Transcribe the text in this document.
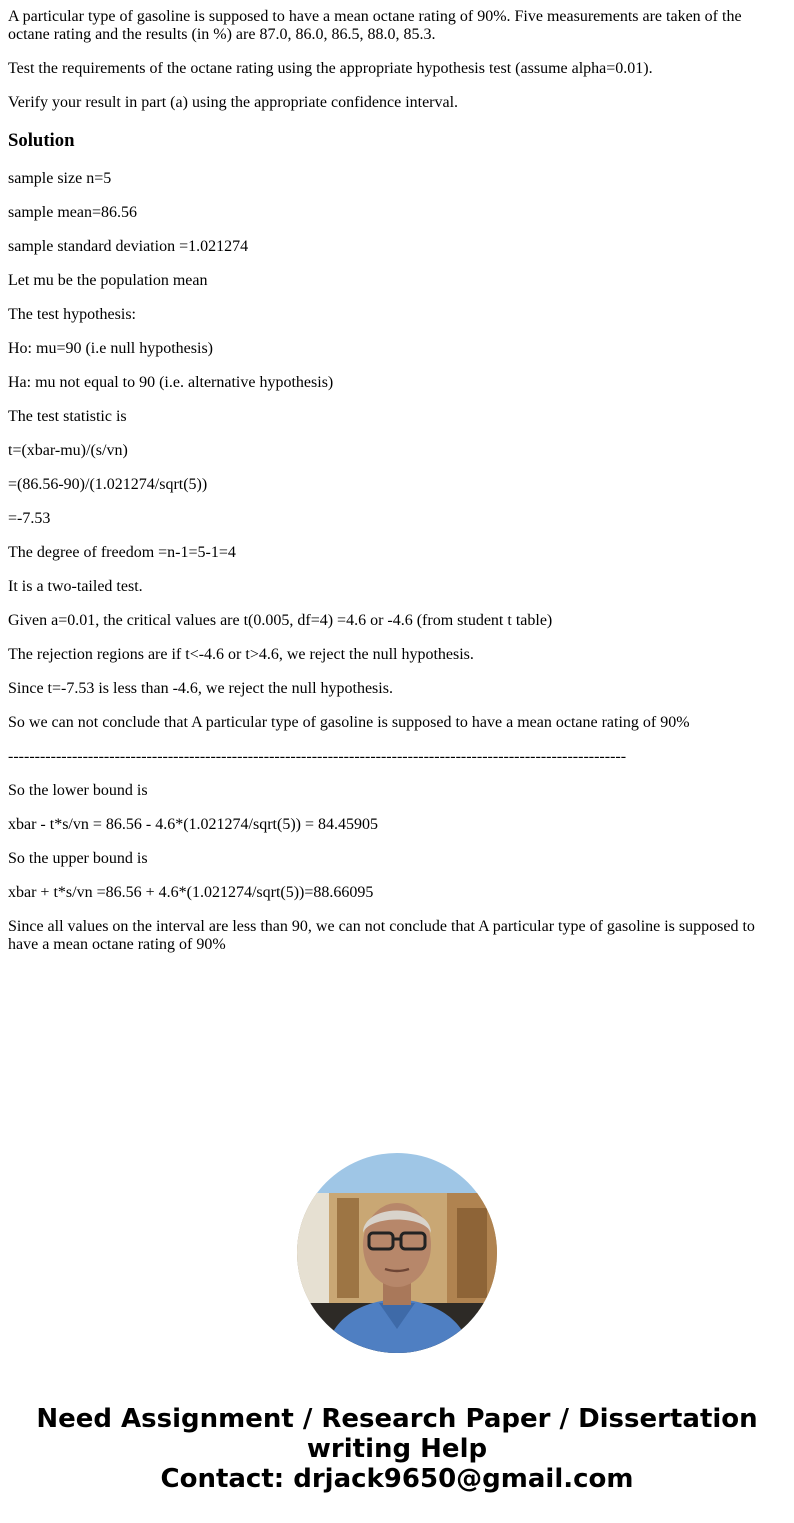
A particular type of gasoline is supposed to have a mean octane rating of 90%. Five measurements are taken of the octane rating and the results (in %) are 87.0, 86.0, 86.5, 88.0, 85.3.

Test the requirements of the octane rating using the appropriate hypothesis test (assume alpha=0.01).

Verify your result in part (a) using the appropriate confidence interval.

Solution

sample size n=5

sample mean=86.56

sample standard deviation =1.021274

Let mu be the population mean

The test hypothesis:

Ho: mu=90 (i.e null hypothesis)

Ha: mu not equal to 90 (i.e. alternative hypothesis)

The test statistic is

t=(xbar-mu)/(s/vn)

=(86.56-90)/(1.021274/sqrt(5))

=-7.53

The degree of freedom =n-1=5-1=4

It is a two-tailed test.

Given a=0.01, the critical values are t(0.005, df=4) =4.6 or -4.6 (from student t table)

The rejection regions are if t<-4.6 or t>4.6, we reject the null hypothesis.

Since t=-7.53 is less than -4.6, we reject the null hypothesis.

So we can not conclude that A particular type of gasoline is supposed to have a mean octane rating of 90%

--------------------------------------------------------------------------------------------------------------------

So the lower bound is

xbar - t*s/vn = 86.56 - 4.6*(1.021274/sqrt(5)) = 84.45905

So the upper bound is

xbar + t*s/vn =86.56 + 4.6*(1.021274/sqrt(5))=88.66095

Since all values on the interval are less than 90, we can not conclude that A particular type of gasoline is supposed to have a mean octane rating of 90%

Need Assignment / Research Paper / Dissertation
writing Help
Contact: drjack9650@gmail.com
